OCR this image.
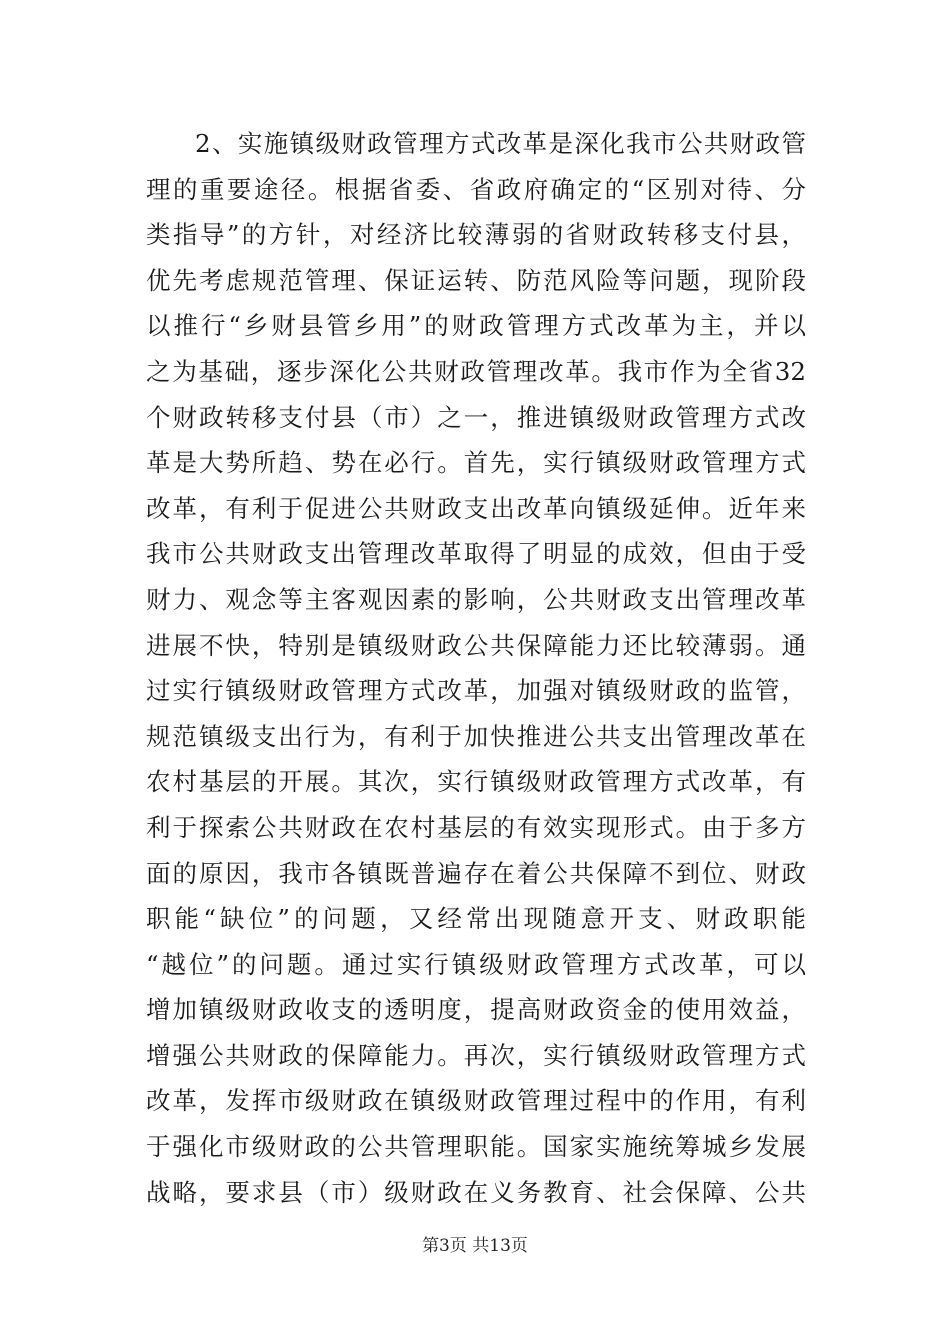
2、实施镇级财政管理方式改革是深化我市公共财政管
理的重要途径。根据省委、省政府确定的“区别对待、分
类指导”的方针，对经济比较薄弱的省财政转移支付县，
优先考虑规范管理、保证运转、防范风险等问题，现阶段
以推行“乡财县管乡用”的财政管理方式改革为主，并以
之为基础，逐步深化公共财政管理改革。我市作为全省32
个财政转移支付县（市）之一，推进镇级财政管理方式改
革是大势所趋、势在必行。首先，实行镇级财政管理方式
改革，有利于促进公共财政支出改革向镇级延伸。近年来
我市公共财政支出管理改革取得了明显的成效，但由于受
财力、观念等主客观因素的影响，公共财政支出管理改革
进展不快，特别是镇级财政公共保障能力还比较薄弱。通
过实行镇级财政管理方式改革，加强对镇级财政的监管，
规范镇级支出行为，有利于加快推进公共支出管理改革在
农村基层的开展。其次，实行镇级财政管理方式改革，有
利于探索公共财政在农村基层的有效实现形式。由于多方
面的原因，我市各镇既普遍存在着公共保障不到位、财政
职能“缺位”的问题，又经常出现随意开支、财政职能
“越位”的问题。通过实行镇级财政管理方式改革，可以
增加镇级财政收支的透明度，提高财政资金的使用效益，
增强公共财政的保障能力。再次，实行镇级财政管理方式
改革，发挥市级财政在镇级财政管理过程中的作用，有利
于强化市级财政的公共管理职能。国家实施统筹城乡发展
战略，要求县（市）级财政在义务教育、社会保障、公共
第3页 共13页
